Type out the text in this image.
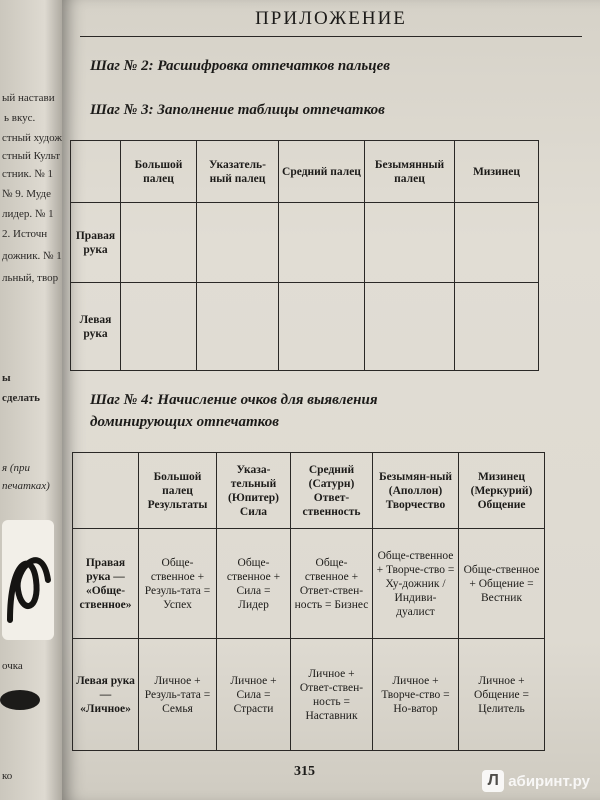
ый настави
ь вкус.
стный худож
стный Культ
стник. № 1
№ 9. Муде
лидер. № 1
2. Источн
дожник. № 1
льный, твор
ы
сделать
я (при
печатках)
очка
ко
ПРИЛОЖЕНИЕ
Шаг № 2: Расшифровка отпечатков пальцев
Шаг № 3: Заполнение таблицы отпечатков
	Большой палец	Указатель-ный палец	Средний палец	Безымянный палец	Мизинец
Правая рука					
Левая рука					
Шаг № 4: Начисление очков для выявления
доминирующих отпечатков
	Большой палец Результаты	Указа-тельный (Юпитер) Сила	Средний (Сатурн) Ответ-ственность	Безымян-ный (Аполлон) Творчество	Мизинец (Меркурий) Общение
Правая рука — «Обще-ственное»	Обще-ственное + Резуль-тата = Успех	Обще-ственное + Сила = Лидер	Обще-ственное + Ответ-ствен-ность = Бизнес	Обще-ственное + Творче-ство = Ху-дожник / Индиви-дуалист	Обще-ственное + Общение = Вестник
Левая рука — «Личное»	Личное + Резуль-тата = Семья	Личное + Сила = Страсти	Личное + Ответ-ствен-ность = Наставник	Личное + Творче-ство = Но-ватор	Личное + Общение = Целитель
315
Л абиринт.ру
